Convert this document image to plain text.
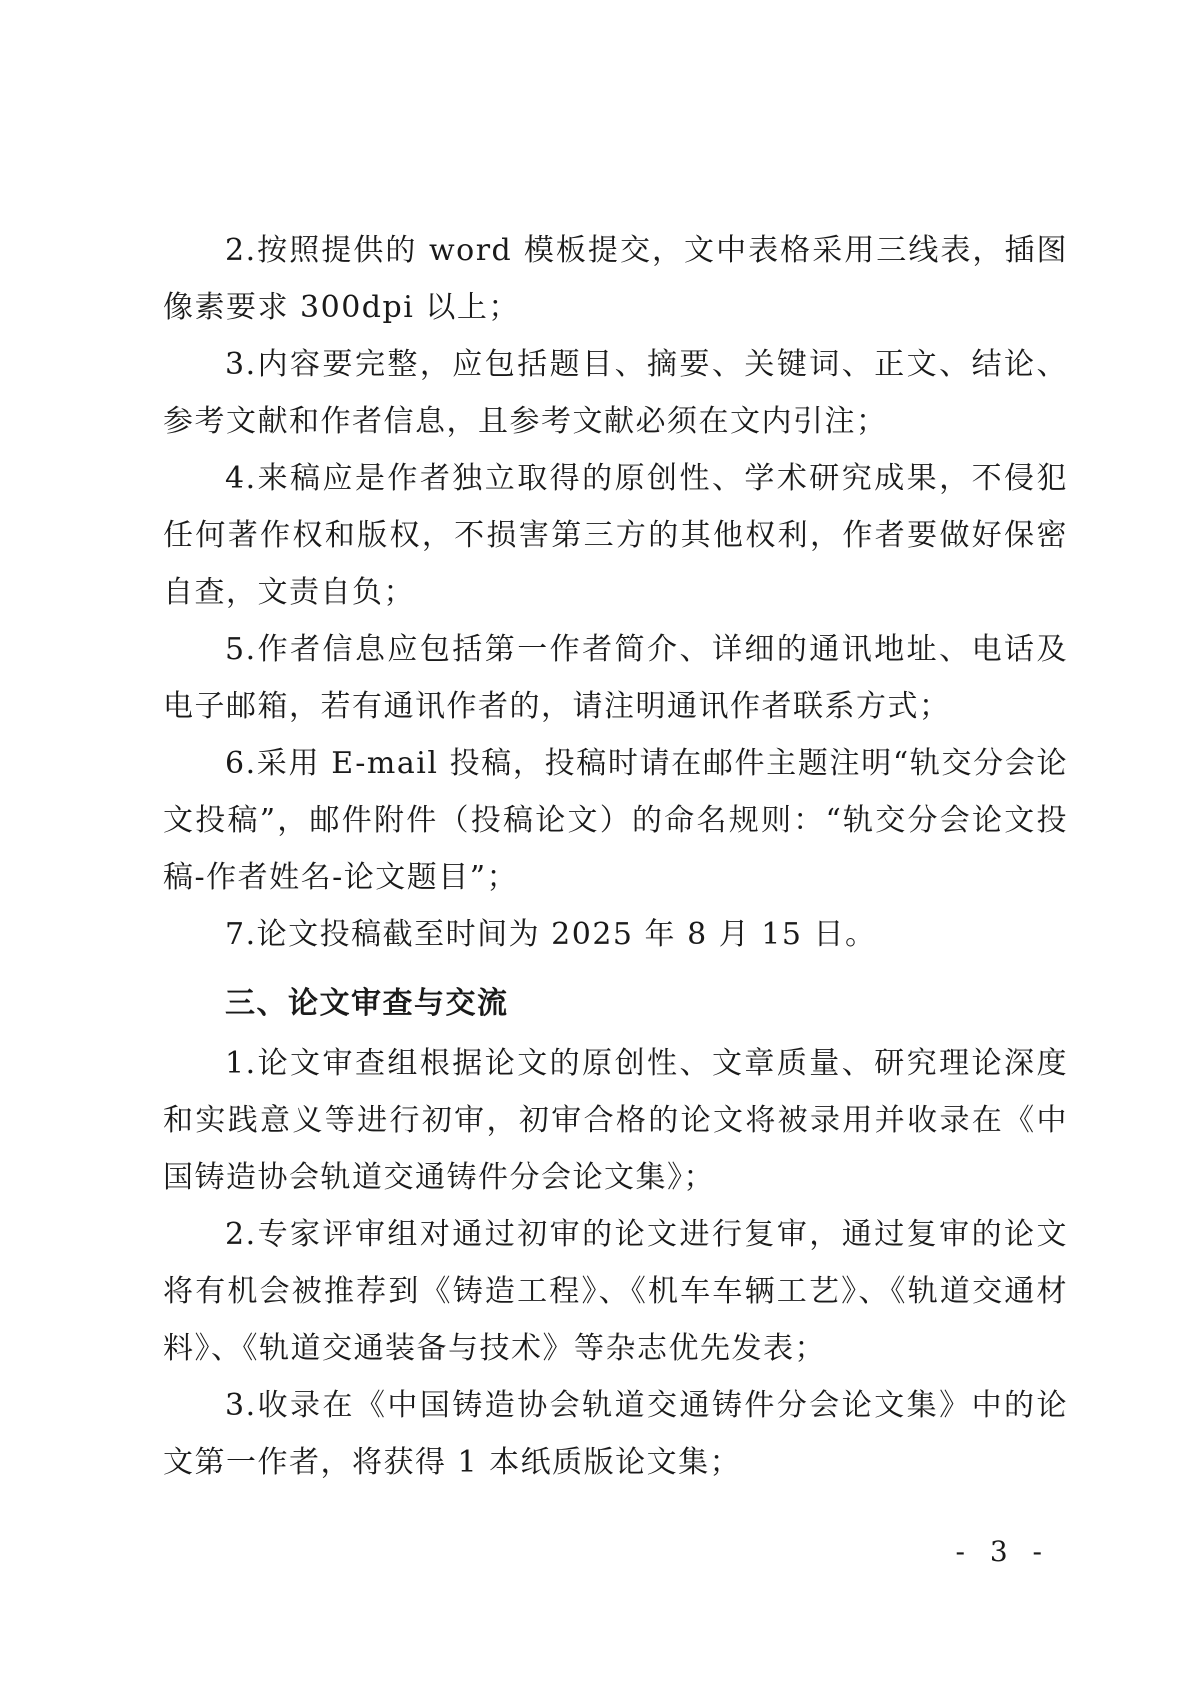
2.按照提供的 word 模板提交，文中表格采用三线表，插图像素要求 300dpi 以上；

3.内容要完整，应包括题目、摘要、关键词、正文、结论、参考文献和作者信息，且参考文献必须在文内引注；

4.来稿应是作者独立取得的原创性、学术研究成果，不侵犯任何著作权和版权，不损害第三方的其他权利，作者要做好保密自查，文责自负；

5.作者信息应包括第一作者简介、详细的通讯地址、电话及电子邮箱，若有通讯作者的，请注明通讯作者联系方式；

6.采用 E-mail 投稿，投稿时请在邮件主题注明“轨交分会论文投稿”，邮件附件（投稿论文）的命名规则：“轨交分会论文投稿-作者姓名-论文题目”；

7.论文投稿截至时间为 2025 年 8 月 15 日。

三、论文审查与交流

1.论文审查组根据论文的原创性、文章质量、研究理论深度和实践意义等进行初审，初审合格的论文将被录用并收录在《中国铸造协会轨道交通铸件分会论文集》；

2.专家评审组对通过初审的论文进行复审，通过复审的论文将有机会被推荐到《铸造工程》、《机车车辆工艺》、《轨道交通材料》、《轨道交通装备与技术》等杂志优先发表；

3.收录在《中国铸造协会轨道交通铸件分会论文集》中的论文第一作者，将获得 1 本纸质版论文集；

- 3 -
